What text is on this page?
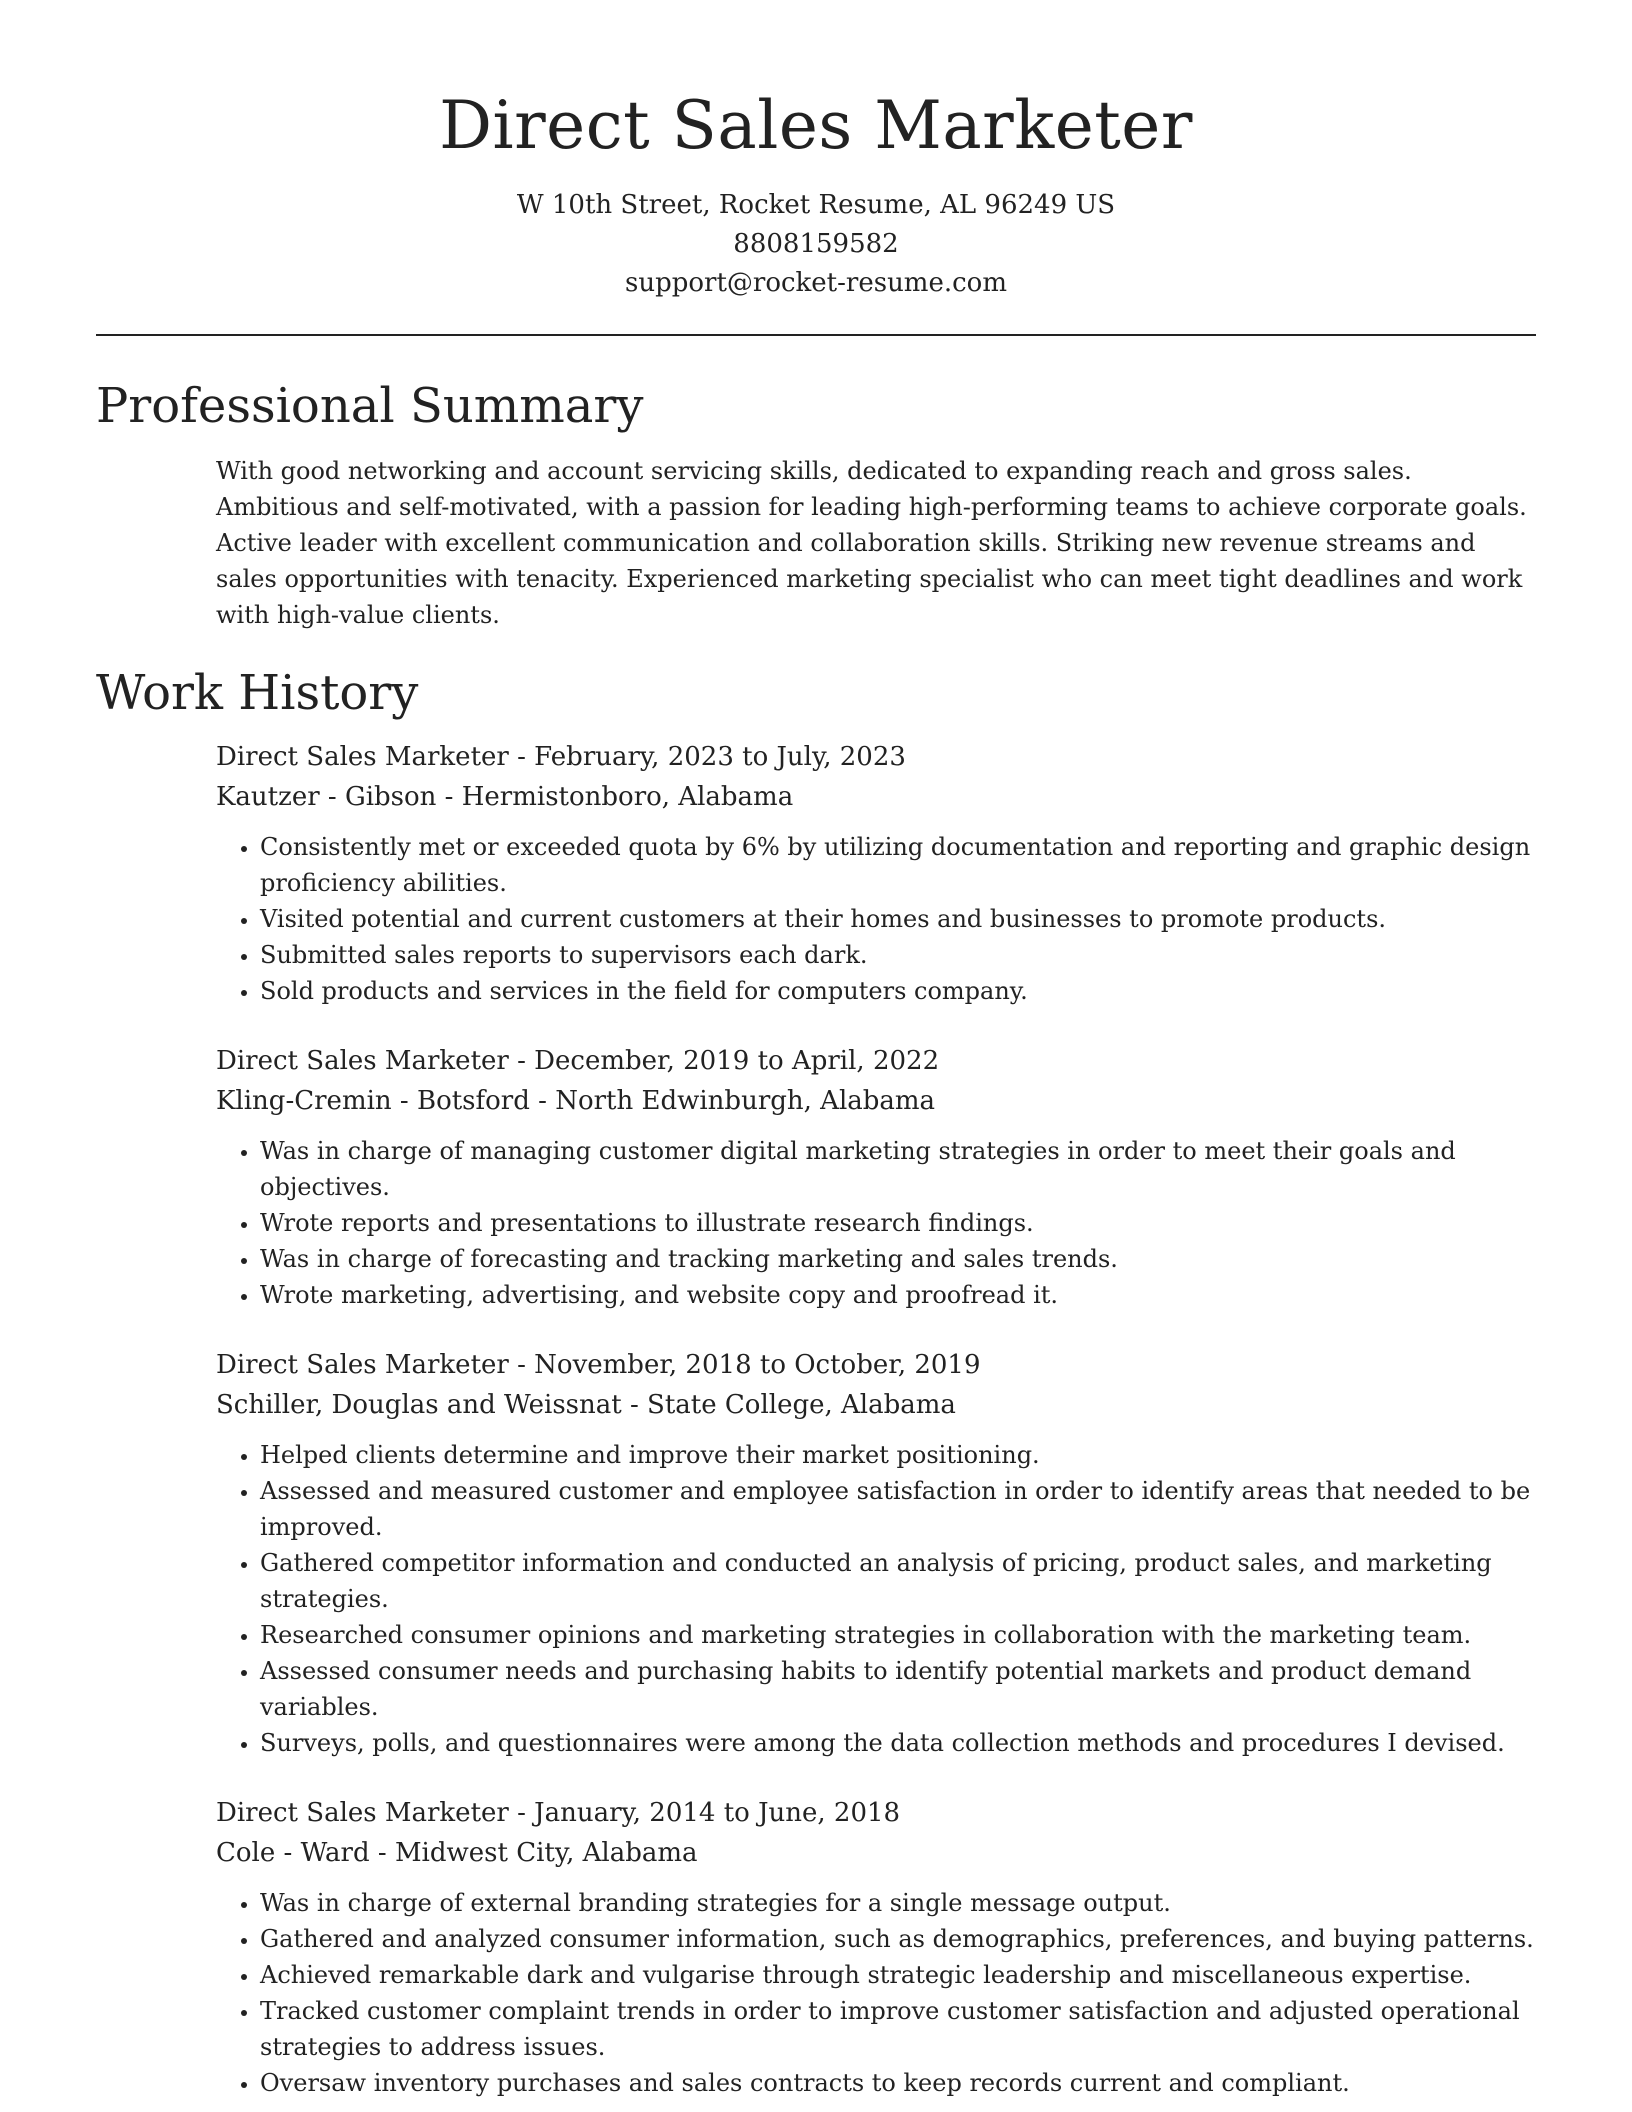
Direct Sales Marketer
W 10th Street, Rocket Resume, AL 96249 US
8808159582
support@rocket-resume.com
Professional Summary

With good networking and account servicing skills, dedicated to expanding reach and gross sales. Ambitious and self-motivated, with a passion for leading high-performing teams to achieve corporate goals. Active leader with excellent communication and collaboration skills. Striking new revenue streams and sales opportunities with tenacity. Experienced marketing specialist who can meet tight deadlines and work with high-value clients.

Work History
Direct Sales Marketer - February, 2023 to July, 2023
Kautzer - Gibson - Hermistonboro, Alabama
• Consistently met or exceeded quota by 6% by utilizing documentation and reporting and graphic design proficiency abilities.
• Visited potential and current customers at their homes and businesses to promote products.
• Submitted sales reports to supervisors each dark.
• Sold products and services in the field for computers company.
Direct Sales Marketer - December, 2019 to April, 2022
Kling-Cremin - Botsford - North Edwinburgh, Alabama
• Was in charge of managing customer digital marketing strategies in order to meet their goals and objectives.
• Wrote reports and presentations to illustrate research findings.
• Was in charge of forecasting and tracking marketing and sales trends.
• Wrote marketing, advertising, and website copy and proofread it.
Direct Sales Marketer - November, 2018 to October, 2019
Schiller, Douglas and Weissnat - State College, Alabama
• Helped clients determine and improve their market positioning.
• Assessed and measured customer and employee satisfaction in order to identify areas that needed to be improved.
• Gathered competitor information and conducted an analysis of pricing, product sales, and marketing strategies.
• Researched consumer opinions and marketing strategies in collaboration with the marketing team.
• Assessed consumer needs and purchasing habits to identify potential markets and product demand variables.
• Surveys, polls, and questionnaires were among the data collection methods and procedures I devised.
Direct Sales Marketer - January, 2014 to June, 2018
Cole - Ward - Midwest City, Alabama
• Was in charge of external branding strategies for a single message output.
• Gathered and analyzed consumer information, such as demographics, preferences, and buying patterns.
• Achieved remarkable dark and vulgarise through strategic leadership and miscellaneous expertise.
• Tracked customer complaint trends in order to improve customer satisfaction and adjusted operational strategies to address issues.
• Oversaw inventory purchases and sales contracts to keep records current and compliant.
